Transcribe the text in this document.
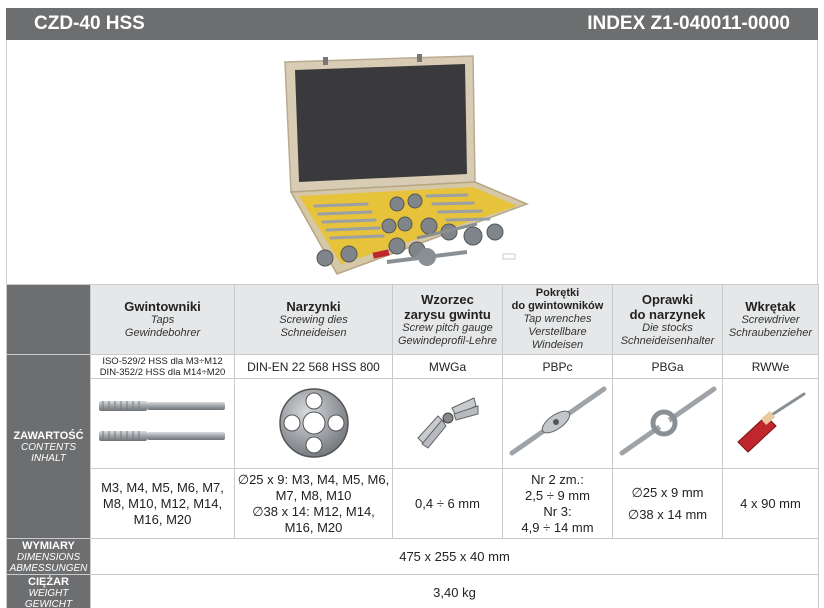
CZD-40 HSS	INDEX Z1-040011-0000

	Gwintowniki
Taps
Gewindebohrer	Narzynki
Screwing dies
Schneideisen	Wzorzec
zarysu gwintu
Screw pitch gauge
Gewindeprofil-Lehre	Pokrętki
do gwintowników
Tap wrenches
Verstellbare Windeisen	Oprawki
do narzynek
Die stocks
Schneideisenhalter	Wkrętak
Screwdriver
Schraubenzieher

ZAWARTOŚĆ
CONTENTS
INHALT	ISO-529/2 HSS dla M3÷M12
DIN-352/2 HSS dla M14÷M20	DIN-EN 22 568 HSS 800	MWGa	PBPc	PBGa	RWWe

	M3, M4, M5, M6, M7, M8, M10, M12, M14, M16, M20	∅25 x 9: M3, M4, M5, M6, M7, M8, M10
∅38 x 14: M12, M14, M16, M20	0,4 ÷ 6 mm	Nr 2 zm.:
2,5 ÷ 9 mm
Nr 3:
4,9 ÷ 14 mm	∅25 x 9 mm
∅38 x 14 mm	4 x 90 mm

WYMIARY
DIMENSIONS
ABMESSUNGEN	475 x 255 x 40 mm					

CIĘŻAR
WEIGHT
GEWICHT	3,40 kg					
